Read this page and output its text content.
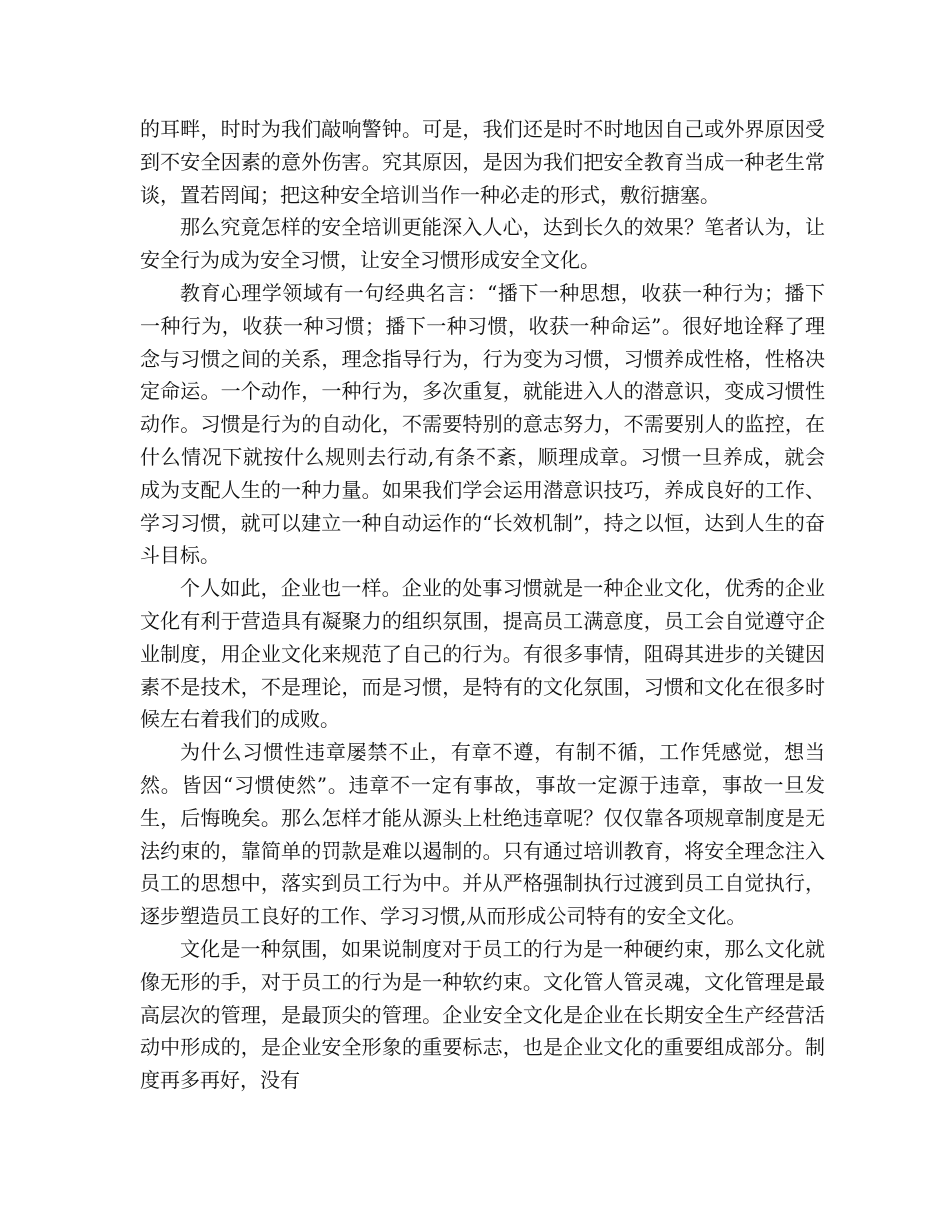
的耳畔，时时为我们敲响警钟。可是，我们还是时不时地因自己或外界原因受到不安全因素的意外伤害。究其原因，是因为我们把安全教育当成一种老生常谈，置若罔闻；把这种安全培训当作一种必走的形式，敷衍搪塞。

那么究竟怎样的安全培训更能深入人心，达到长久的效果？笔者认为，让安全行为成为安全习惯，让安全习惯形成安全文化。

教育心理学领域有一句经典名言：“播下一种思想，收获一种行为；播下一种行为，收获一种习惯；播下一种习惯，收获一种命运”。很好地诠释了理念与习惯之间的关系，理念指导行为，行为变为习惯，习惯养成性格，性格决定命运。一个动作，一种行为，多次重复，就能进入人的潜意识，变成习惯性动作。习惯是行为的自动化，不需要特别的意志努力，不需要别人的监控，在什么情况下就按什么规则去行动,有条不紊，顺理成章。习惯一旦养成，就会成为支配人生的一种力量。如果我们学会运用潜意识技巧，养成良好的工作、学习习惯，就可以建立一种自动运作的“长效机制”，持之以恒，达到人生的奋斗目标。

个人如此，企业也一样。企业的处事习惯就是一种企业文化，优秀的企业文化有利于营造具有凝聚力的组织氛围，提高员工满意度，员工会自觉遵守企业制度，用企业文化来规范了自己的行为。有很多事情，阻碍其进步的关键因素不是技术，不是理论，而是习惯，是特有的文化氛围，习惯和文化在很多时候左右着我们的成败。

为什么习惯性违章屡禁不止，有章不遵，有制不循，工作凭感觉，想当然。皆因“习惯使然”。违章不一定有事故，事故一定源于违章，事故一旦发生，后悔晚矣。那么怎样才能从源头上杜绝违章呢？仅仅靠各项规章制度是无法约束的，靠简单的罚款是难以遏制的。只有通过培训教育，将安全理念注入员工的思想中，落实到员工行为中。并从严格强制执行过渡到员工自觉执行，逐步塑造员工良好的工作、学习习惯,从而形成公司特有的安全文化。

文化是一种氛围，如果说制度对于员工的行为是一种硬约束，那么文化就像无形的手，对于员工的行为是一种软约束。文化管人管灵魂，文化管理是最高层次的管理，是最顶尖的管理。企业安全文化是企业在长期安全生产经营活动中形成的，是企业安全形象的重要标志，也是企业文化的重要组成部分。制度再多再好，没有
